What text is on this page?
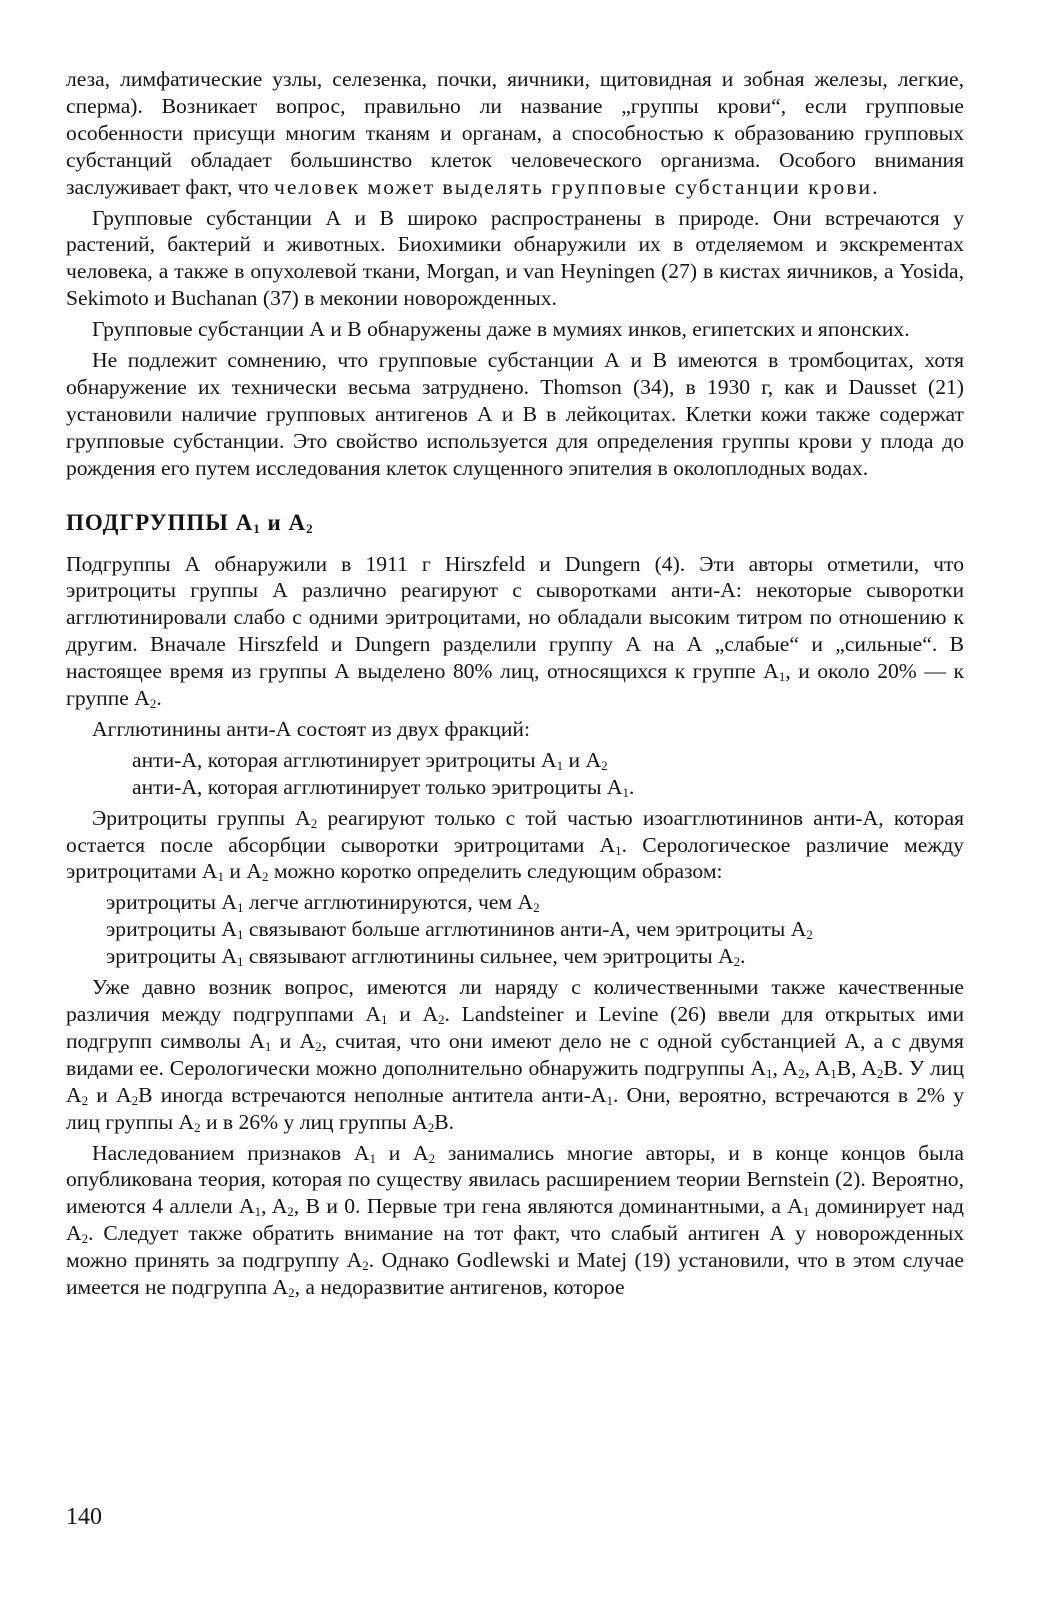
леза, лимфатические узлы, селезенка, почки, яичники, щитовидная и зобная железы, легкие, сперма). Возникает вопрос, правильно ли название „группы крови“, если групповые особенности присущи многим тканям и органам, а способностью к образованию групповых субстанций обладает большинство клеток человеческого организма. Особого внимания заслуживает факт, что человек может выделять групповые субстанции крови.

Групповые субстанции А и В широко распространены в природе. Они встречаются у растений, бактерий и животных. Биохимики обнаружили их в отделяемом и экскрементах человека, а также в опухолевой ткани, Morgan, и van Heyningen (27) в кистах яичников, а Yosida, Sekimoto и Buchanan (37) в меконии новорожденных.

Групповые субстанции А и В обнаружены даже в мумиях инков, египетских и японских.

Не подлежит сомнению, что групповые субстанции А и В имеются в тромбоцитах, хотя обнаружение их технически весьма затруднено. Thomson (34), в 1930 г, как и Dausset (21) установили наличие групповых антигенов А и В в лейкоцитах. Клетки кожи также содержат групповые субстанции. Это свойство используется для определения группы крови у плода до рождения его путем исследования клеток слущенного эпителия в околоплодных водах.

ПОДГРУППЫ $A_1$ и $A_2$

Подгруппы А обнаружили в 1911 г Hirszfeld и Dungern (4). Эти авторы отметили, что эритроциты группы А различно реагируют с сыворотками анти-А: некоторые сыворотки агглютинировали слабо с одними эритроцитами, но обладали высоким титром по отношению к другим. Вначале Hirszfeld и Dungern разделили группу А на А „слабые“ и „сильные“. В настоящее время из группы А выделено 80% лиц, относящихся к группе $A_1$, и около 20% — к группе $A_2$.

Агглютинины анти-А состоят из двух фракций:

анти-А, которая агглютинирует эритроциты $A_1$ и $A_2$
анти-А, которая агглютинирует только эритроциты $A_1$.

Эритроциты группы $A_2$ реагируют только с той частью изоагглютининов анти-А, которая остается после абсорбции сыворотки эритроцитами $A_1$. Серологическое различие между эритроцитами $A_1$ и $A_2$ можно коротко определить следующим образом:

эритроциты $A_1$ легче агглютинируются, чем $A_2$
эритроциты $A_1$ связывают больше агглютининов анти-А, чем эритроциты $A_2$
эритроциты $A_1$ связывают агглютинины сильнее, чем эритроциты $A_2$.

Уже давно возник вопрос, имеются ли наряду с количественными также качественные различия между подгруппами $A_1$ и $A_2$. Landsteiner и Levine (26) ввели для открытых ими подгрупп символы $A_1$ и $A_2$, считая, что они имеют дело не с одной субстанцией А, а с двумя видами ее. Серологически можно дополнительно обнаружить подгруппы $A_1$, $A_2$, $A_1B$, $A_2B$. У лиц $A_2$ и $A_2B$ иногда встречаются неполные антитела анти-$A_1$. Они, вероятно, встречаются в 2% у лиц группы $A_2$ и в 26% у лиц группы $A_2B$.

Наследованием признаков $A_1$ и $A_2$ занимались многие авторы, и в конце концов была опубликована теория, которая по существу явилась расширением теории Bernstein (2). Вероятно, имеются 4 аллели $A_1$, $A_2$, B и 0. Первые три гена являются доминантными, а $A_1$ доминирует над $A_2$. Следует также обратить внимание на тот факт, что слабый антиген А у новорожденных можно принять за подгруппу $A_2$. Однако Godlewski и Matej (19) установили, что в этом случае имеется не подгруппа $A_2$, а недоразвитие антигенов, которое

140
